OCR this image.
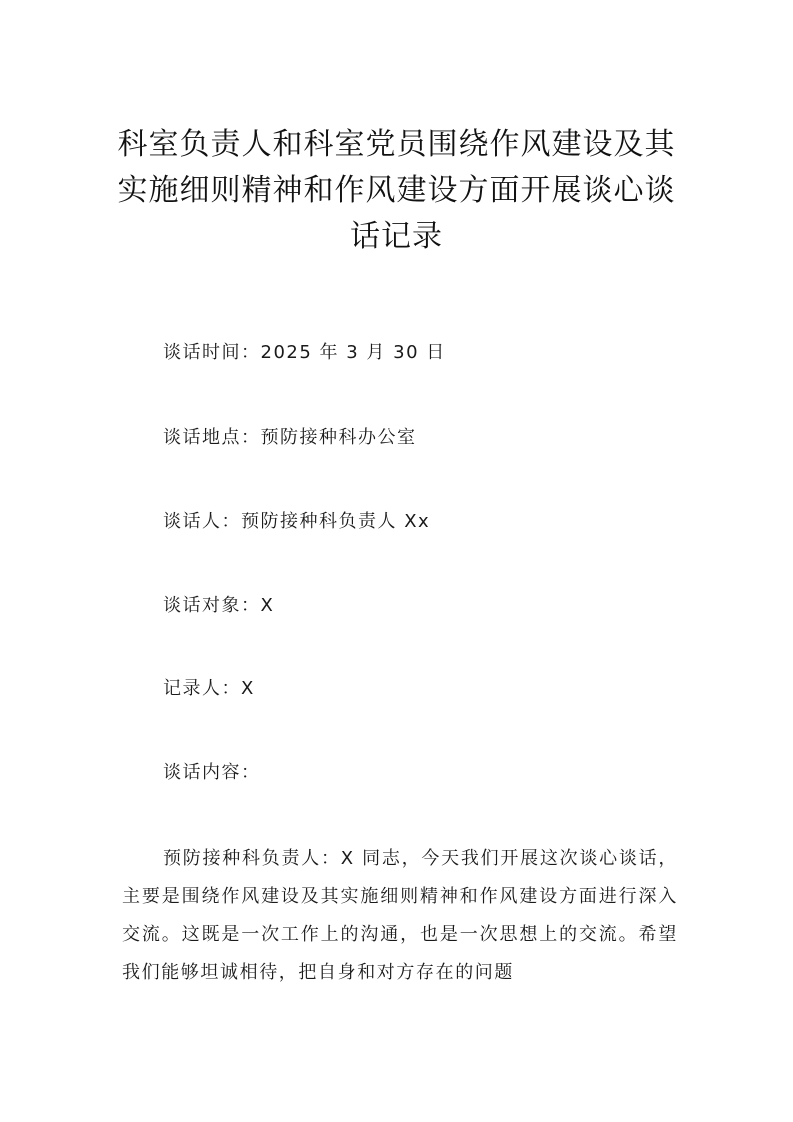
科室负责人和科室党员围绕作风建设及其实施细则精神和作风建设方面开展谈心谈话记录
谈话时间：2025 年 3 月 30 日
谈话地点：预防接种科办公室
谈话人：预防接种科负责人 Xx
谈话对象：X
记录人：X
谈话内容：

预防接种科负责人：X 同志，今天我们开展这次谈心谈话，主要是围绕作风建设及其实施细则精神和作风建设方面进行深入交流。这既是一次工作上的沟通，也是一次思想上的交流。希望我们能够坦诚相待，把自身和对方存在的问题
